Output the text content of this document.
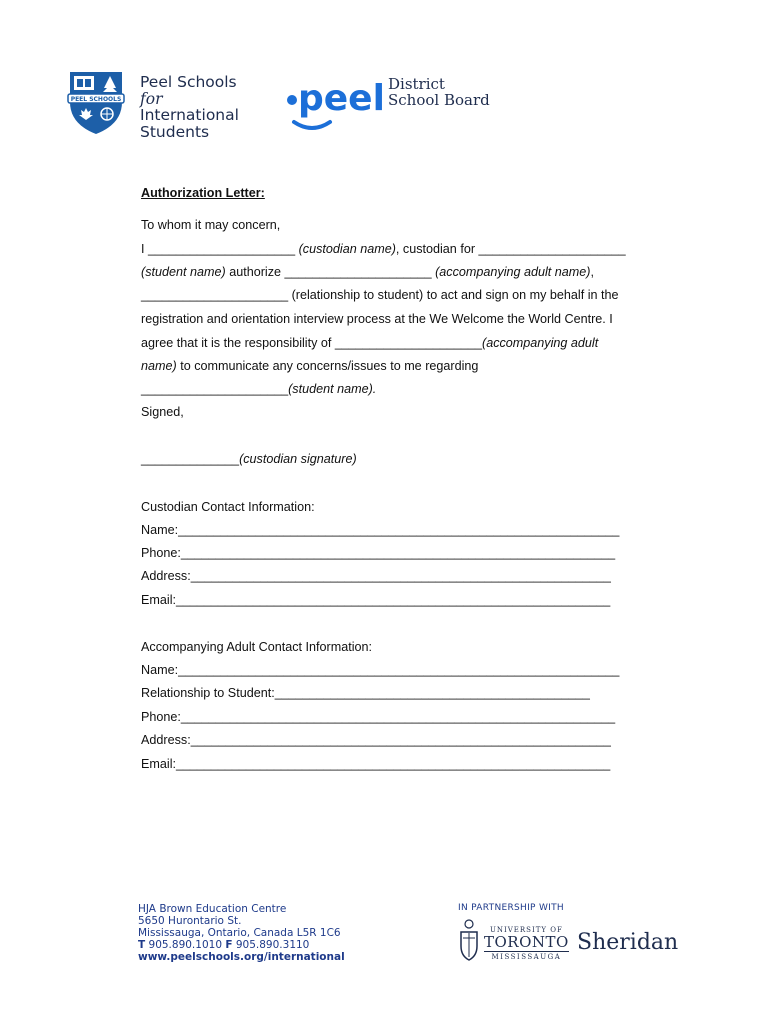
PEEL SCHOOLS
Peel Schools
for
International
Students
peel District
School Board
Authorization Letter:
To whom it may concern,
I _____________________ (custodian name), custodian for _____________________
(student name) authorize _____________________ (accompanying adult name),
_____________________ (relationship to student) to act and sign on my behalf in the
registration and orientation interview process at the We Welcome the World Centre. I
agree that it is the responsibility of _____________________(accompanying adult
name) to communicate any concerns/issues to me regarding
_____________________(student name).
Signed,
______________(custodian signature)
Custodian Contact Information:
Name:_______________________________________________________________
Phone:______________________________________________________________
Address:____________________________________________________________
Email:______________________________________________________________
Accompanying Adult Contact Information:
Name:_______________________________________________________________
Relationship to Student:_____________________________________________
Phone:______________________________________________________________
Address:____________________________________________________________
Email:______________________________________________________________
HJA Brown Education Centre
5650 Hurontario St.
Mississauga, Ontario, Canada L5R 1C6
T 905.890.1010 F 905.890.3110
www.peelschools.org/international
IN PARTNERSHIP WITH
UNIVERSITY OF
TORONTO
MISSISSAUGA
Sheridan
